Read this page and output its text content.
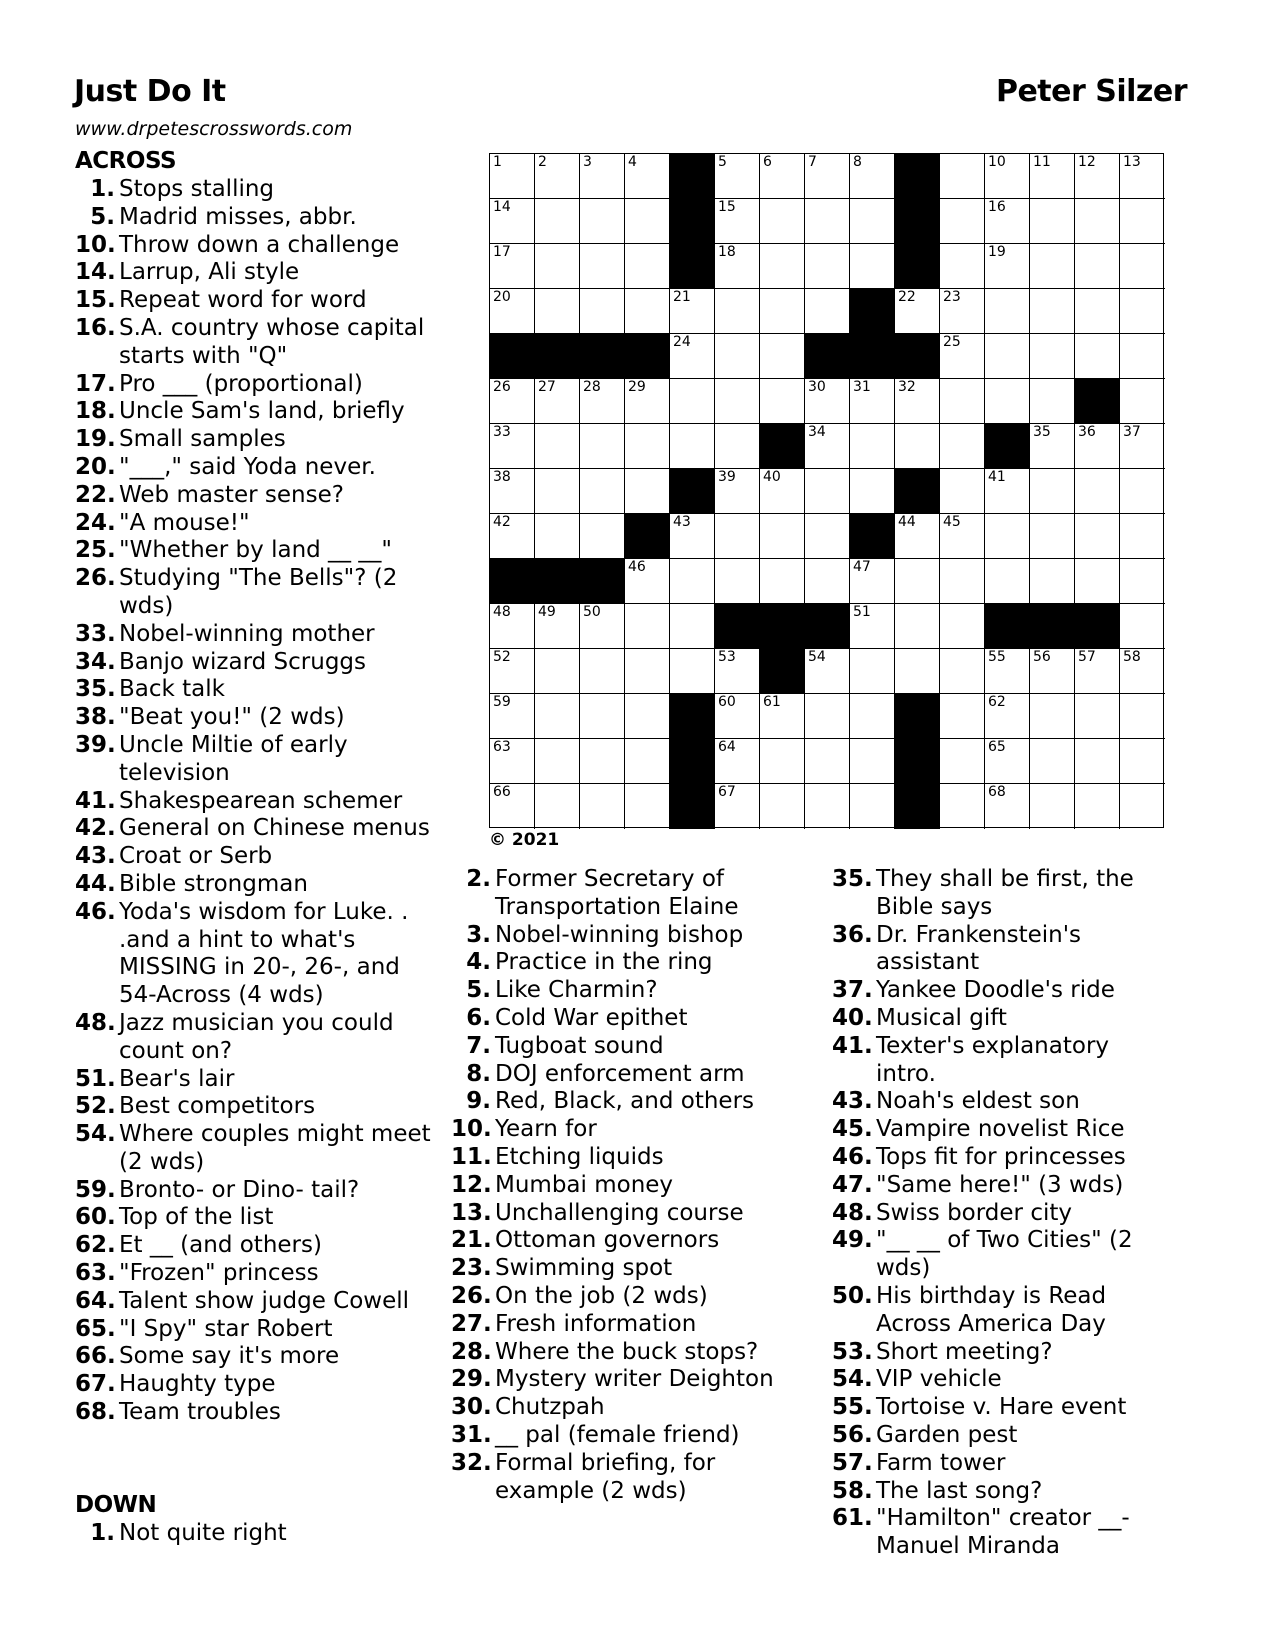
Just Do It	Peter Silzer
www.drpetescrosswords.com
ACROSS
1. Stops stalling
5. Madrid misses, abbr.
10. Throw down a challenge
14. Larrup, Ali style
15. Repeat word for word
16. S.A. country whose capital starts with "Q"
17. Pro ___ (proportional)
18. Uncle Sam's land, briefly
19. Small samples
20. "___," said Yoda never.
22. Web master sense?
24. "A mouse!"
25. "Whether by land __ __"
26. Studying "The Bells"? (2 wds)
33. Nobel-winning mother
34. Banjo wizard Scruggs
35. Back talk
38. "Beat you!" (2 wds)
39. Uncle Miltie of early television
41. Shakespearean schemer
42. General on Chinese menus
43. Croat or Serb
44. Bible strongman
46. Yoda's wisdom for Luke. . .and a hint to what's MISSING in 20-, 26-, and 54-Across (4 wds)
48. Jazz musician you could count on?
51. Bear's lair
52. Best competitors
54. Where couples might meet (2 wds)
59. Bronto- or Dino- tail?
60. Top of the list
62. Et __ (and others)
63. "Frozen" princess
64. Talent show judge Cowell
65. "I Spy" star Robert
66. Some say it's more
67. Haughty type
68. Team troubles
DOWN
1. Not quite right
2. Former Secretary of Transportation Elaine
3. Nobel-winning bishop
4. Practice in the ring
5. Like Charmin?
6. Cold War epithet
7. Tugboat sound
8. DOJ enforcement arm
9. Red, Black, and others
10. Yearn for
11. Etching liquids
12. Mumbai money
13. Unchallenging course
21. Ottoman governors
23. Swimming spot
26. On the job (2 wds)
27. Fresh information
28. Where the buck stops?
29. Mystery writer Deighton
30. Chutzpah
31. __ pal (female friend)
32. Formal briefing, for example (2 wds)
35. They shall be first, the Bible says
36. Dr. Frankenstein's assistant
37. Yankee Doodle's ride
40. Musical gift
41. Texter's explanatory intro.
43. Noah's eldest son
45. Vampire novelist Rice
46. Tops fit for princesses
47. "Same here!" (3 wds)
48. Swiss border city
49. "__ __ of Two Cities" (2 wds)
50. His birthday is Read Across America Day
53. Short meeting?
54. VIP vehicle
55. Tortoise v. Hare event
56. Garden pest
57. Farm tower
58. The last song?
61. "Hamilton" creator __-Manuel Miranda
1	2	3	4	5	6	7	8	9	10 11 12 13
14	15	16
17	18	19
20	21	22 23
24	25
26 27 28 29	30 31 32
33	34	35 36 37
38	39 40	41
42	43	44 45
46	47
48 49 50	51
52	53	54	55 56 57 58
59	60 61	62
63	64	65
66	67	68
© 2021
